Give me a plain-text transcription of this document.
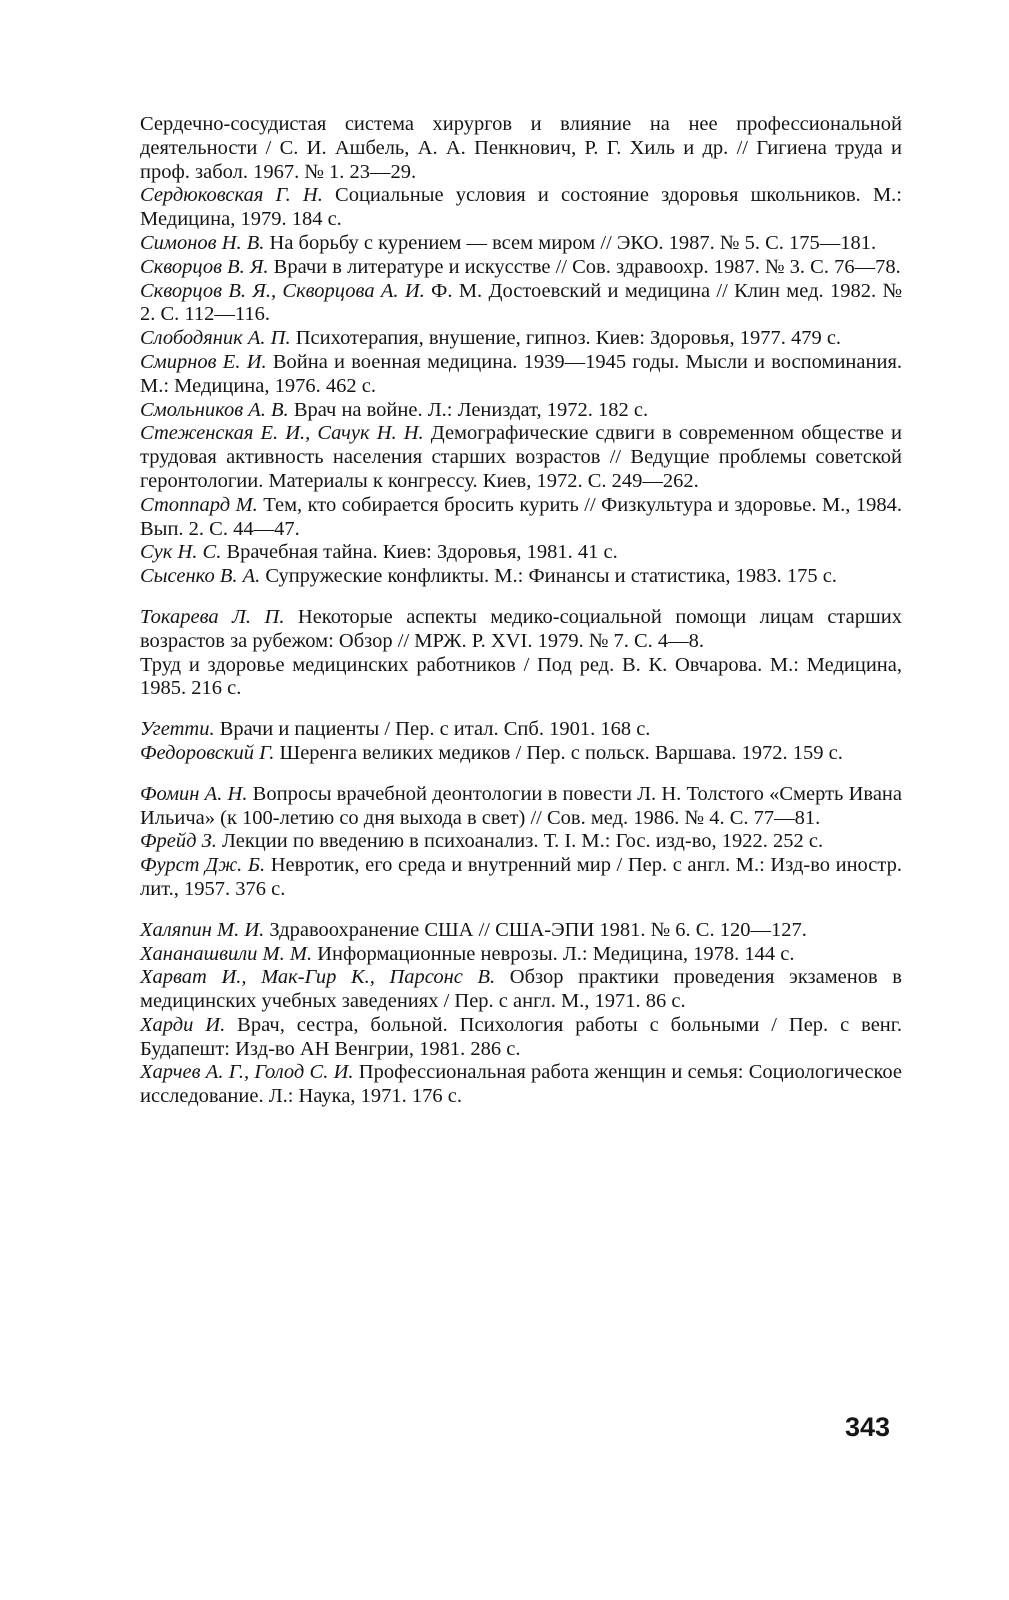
Сердечно-сосудистая система хирургов и влияние на нее профессиональной деятельности / С. И. Ашбель, А. А. Пенкнович, Р. Г. Хиль и др. // Гигиена труда и проф. забол. 1967. № 1. 23—29.
Сердюковская Г. Н. Социальные условия и состояние здоровья школьников. М.: Медицина, 1979. 184 с.
Симонов Н. В. На борьбу с курением — всем миром // ЭКО. 1987. № 5. С. 175—181.
Скворцов В. Я. Врачи в литературе и искусстве // Сов. здравоохр. 1987. № 3. С. 76—78.
Скворцов В. Я., Скворцова А. И. Ф. М. Достоевский и медицина // Клин мед. 1982. № 2. С. 112—116.
Слободяник А. П. Психотерапия, внушение, гипноз. Киев: Здоровья, 1977. 479 с.
Смирнов Е. И. Война и военная медицина. 1939—1945 годы. Мысли и воспоминания. М.: Медицина, 1976. 462 с.
Смольников А. В. Врач на войне. Л.: Лениздат, 1972. 182 с.
Стеженская Е. И., Сачук Н. Н. Демографические сдвиги в современном обществе и трудовая активность населения старших возрастов // Ведущие проблемы советской геронтологии. Материалы к конгрессу. Киев, 1972. С. 249—262.
Стоппард М. Тем, кто собирается бросить курить // Физкультура и здоровье. М., 1984. Вып. 2. С. 44—47.
Сук Н. С. Врачебная тайна. Киев: Здоровья, 1981. 41 с.
Сысенко В. А. Супружеские конфликты. М.: Финансы и статистика, 1983. 175 с.
Токарева Л. П. Некоторые аспекты медико-социальной помощи лицам старших возрастов за рубежом: Обзор // МРЖ. Р. XVI. 1979. № 7. С. 4—8.
Труд и здоровье медицинских работников / Под ред. В. К. Овчарова. М.: Медицина, 1985. 216 с.
Угетти. Врачи и пациенты / Пер. с итал. Спб. 1901. 168 с.
Федоровский Г. Шеренга великих медиков / Пер. с польск. Варшава. 1972. 159 с.
Фомин А. Н. Вопросы врачебной деонтологии в повести Л. Н. Толстого «Смерть Ивана Ильича» (к 100-летию со дня выхода в свет) // Сов. мед. 1986. № 4. С. 77—81.
Фрейд З. Лекции по введению в психоанализ. Т. I. М.: Гос. изд-во, 1922. 252 с.
Фурст Дж. Б. Невротик, его среда и внутренний мир / Пер. с англ. М.: Изд-во иностр. лит., 1957. 376 с.
Халяпин М. И. Здравоохранение США // США-ЭПИ 1981. № 6. С. 120—127.
Хананашвили М. М. Информационные неврозы. Л.: Медицина, 1978. 144 с.
Харват И., Мак-Гир К., Парсонс В. Обзор практики проведения экзаменов в медицинских учебных заведениях / Пер. с англ. М., 1971. 86 с.
Харди И. Врач, сестра, больной. Психология работы с больными / Пер. с венг. Будапешт: Изд-во АН Венгрии, 1981. 286 с.
Харчев А. Г., Голод С. И. Профессиональная работа женщин и семья: Социологическое исследование. Л.: Наука, 1971. 176 с.
343
